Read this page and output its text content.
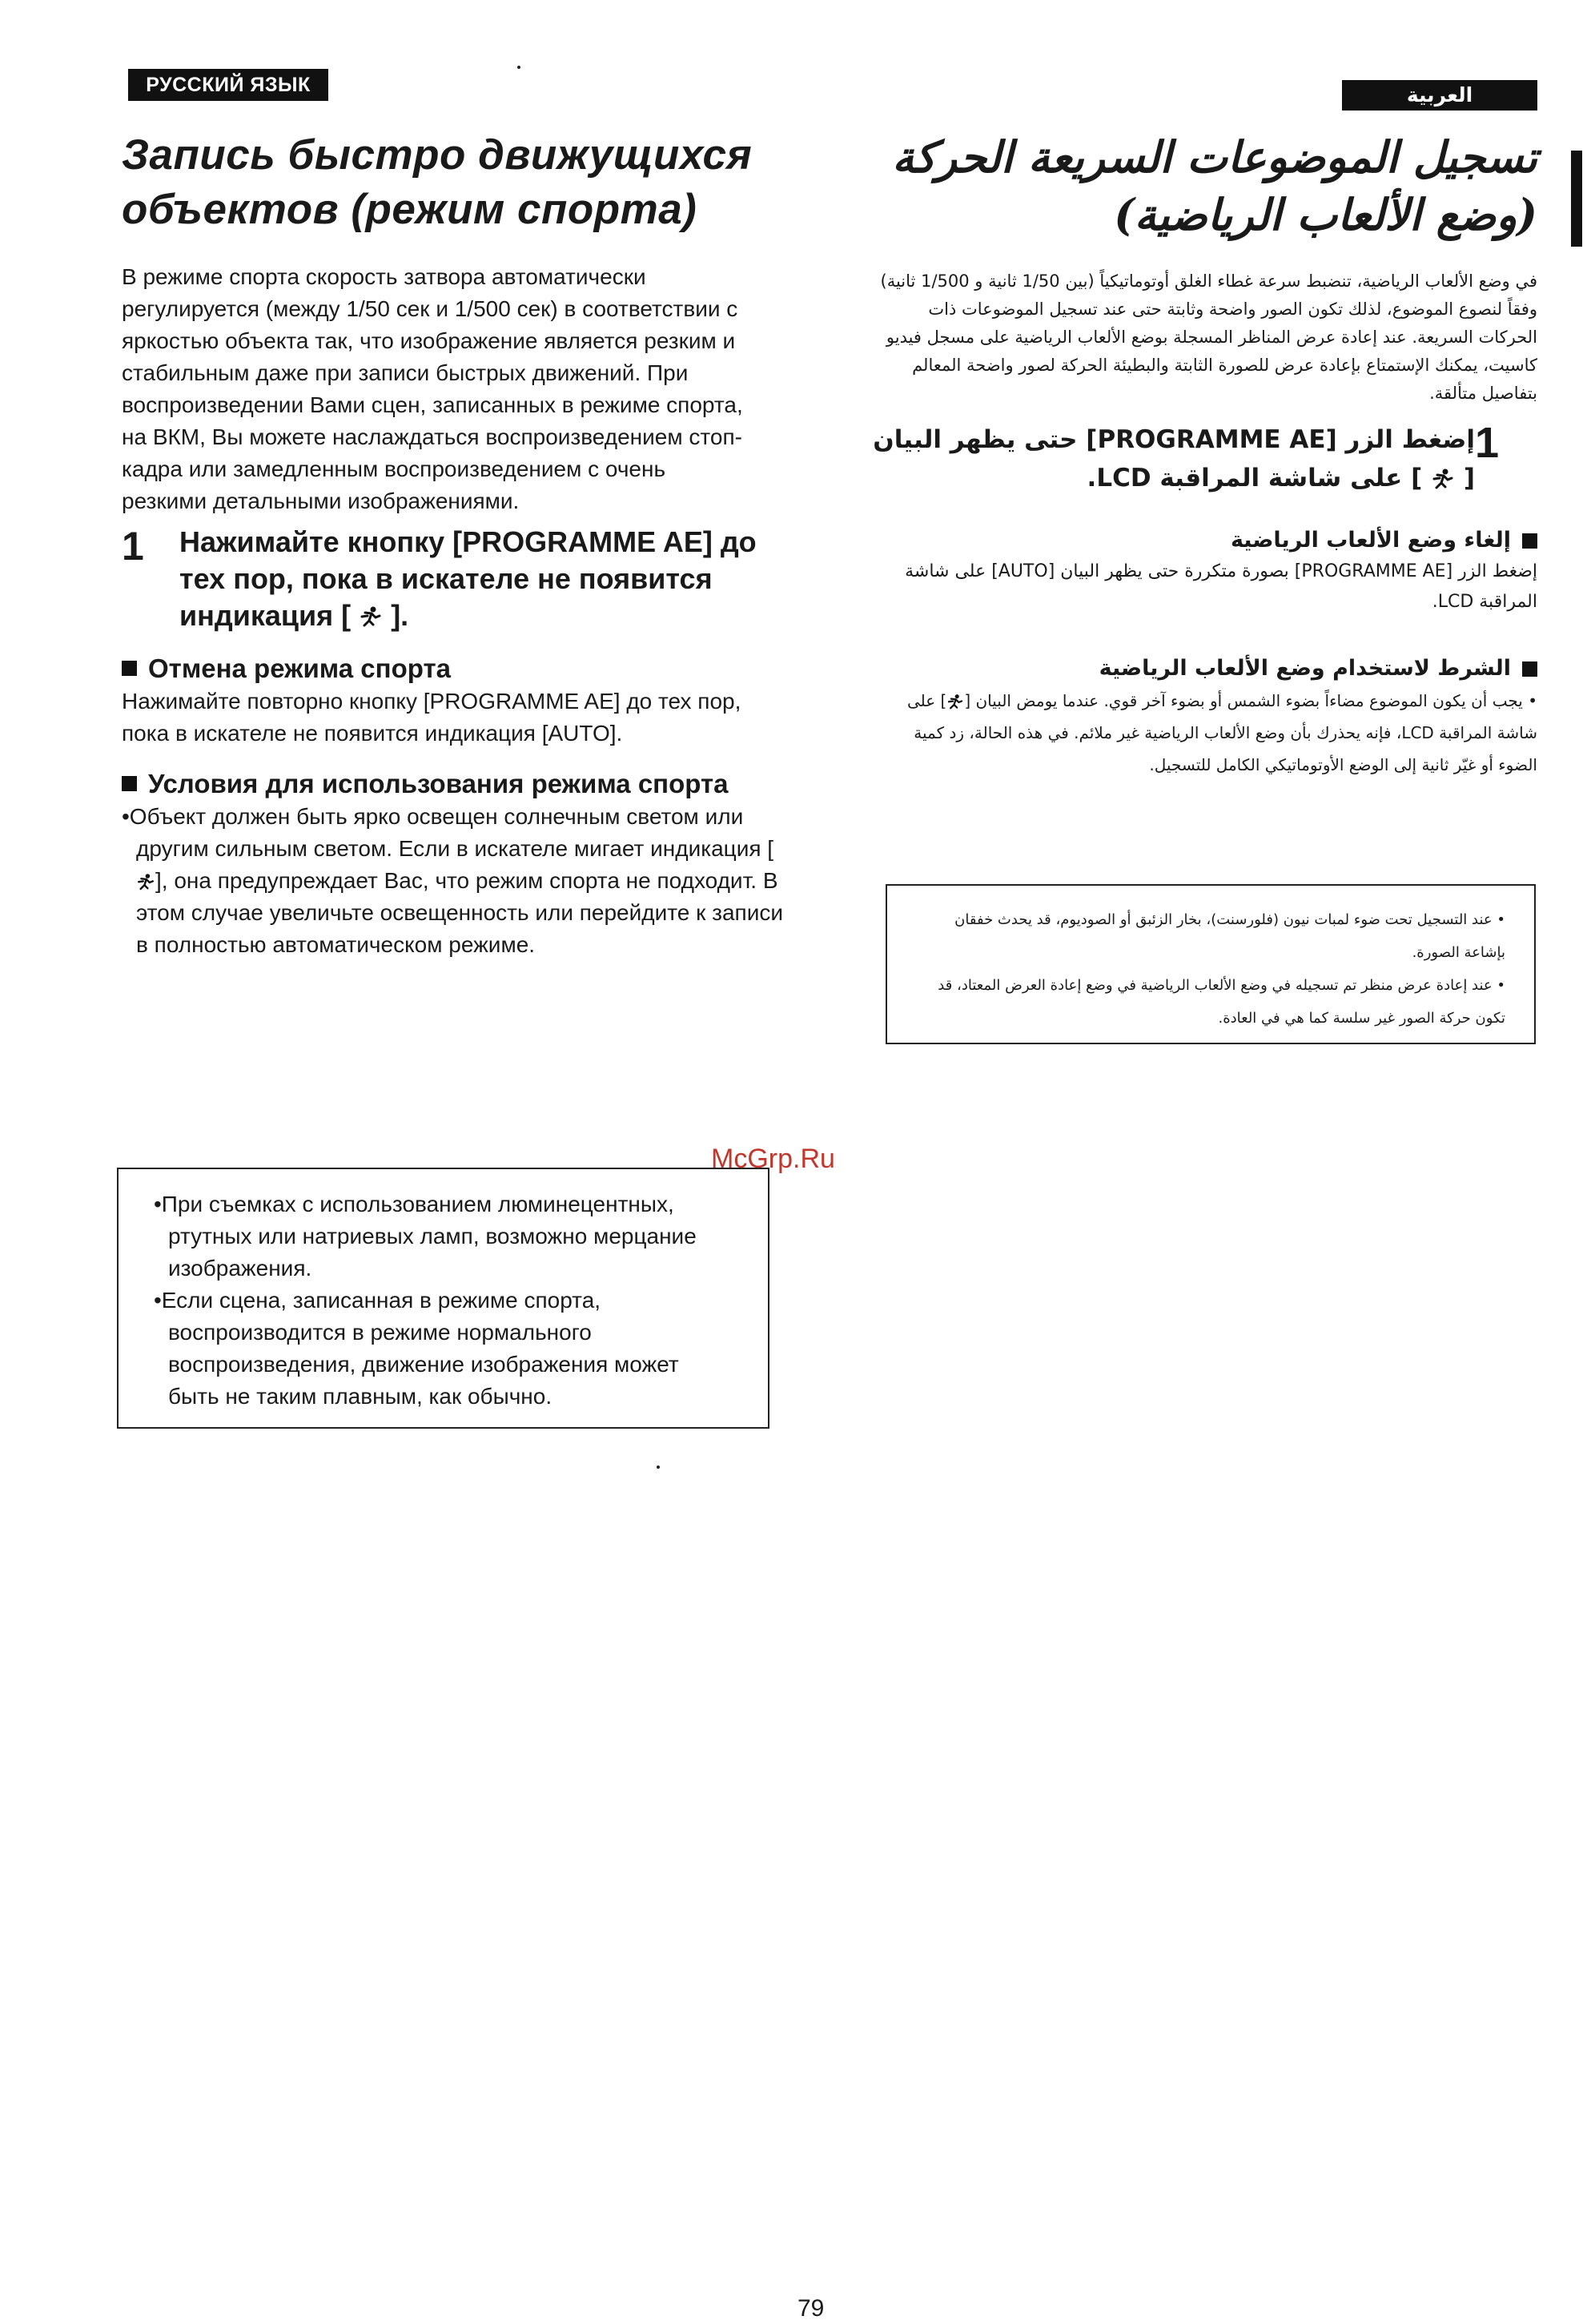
РУССКИЙ ЯЗЫК	العربية
Запись быстро движущихся
объектов (режим спорта)

В режиме спорта скорость затвора автоматически регулируется (между 1/50 сек и 1/500 сек) в соответствии с яркостью объекта так, что изображение является резким и стабильным даже при записи быстрых движений. При воспроизведении Вами сцен, записанных в режиме спорта, на ВКМ, Вы можете наслаждаться воспроизведением стоп-кадра или замедленным воспроизведением с очень резкими детальными изображениями.

1	Нажимайте кнопку [PROGRAMME AE] до тех пор, пока в искателе не появится индикация [ ].
Отмена режима спорта

Нажимайте повторно кнопку [PROGRAMME AE] до тех пор, пока в искателе не появится индикация [AUTO].

Условия для использования режима спорта

•Объект должен быть ярко освещен солнечным светом или другим сильным светом. Если в искателе мигает индикация [], она предупреждает Вас, что режим спорта не подходит. В этом случае увеличьте освещенность или перейдите к записи в полностью автоматическом режиме.

•При съемках с использованием люминецентных, ртутных или натриевых ламп, возможно мерцание изображения.

•Если сцена, записанная в режиме спорта, воспроизводится в режиме нормального воспроизведения, движение изображения может быть не таким плавным, как обычно.

McGrp.Ru
تسجيل الموضوعات السريعة الحركة
(وضع الألعاب الرياضية)

في وضع الألعاب الرياضية، تنضبط سرعة غطاء الغلق أوتوماتيكياً (بين 1/50 ثانية و 1/500 ثانية) وفقاً لنصوع الموضوع، لذلك تكون الصور واضحة وثابتة حتى عند تسجيل الموضوعات ذات الحركات السريعة. عند إعادة عرض المناظر المسجلة بوضع الألعاب الرياضية على مسجل فيديو كاسيت، يمكنك الإستمتاع بإعادة عرض للصورة الثابتة والبطيئة الحركة لصور واضحة المعالم بتفاصيل متألقة.

1
إضغط الزر [PROGRAMME AE] حتى يظهر البيان [  ] على شاشة المراقبة LCD.
إلغاء وضع الألعاب الرياضية

إضغط الزر [PROGRAMME AE] بصورة متكررة حتى يظهر البيان [AUTO] على شاشة المراقبة LCD.

الشرط لاستخدام وضع الألعاب الرياضية

• يجب أن يكون الموضوع مضاءاً بضوء الشمس أو بضوء آخر قوي. عندما يومض البيان [] على شاشة المراقبة LCD، فإنه يحذرك بأن وضع الألعاب الرياضية غير ملائم. في هذه الحالة، زد كمية الضوء أو غيّر ثانية إلى الوضع الأوتوماتيكي الكامل للتسجيل.

• عند التسجيل تحت ضوء لمبات نيون (فلورسنت)، بخار الزئبق أو الصوديوم، قد يحدث خفقان بإشاعة الصورة.

• عند إعادة عرض منظر تم تسجيله في وضع الألعاب الرياضية في وضع إعادة العرض المعتاد، قد تكون حركة الصور غير سلسة كما هي في العادة.

79
